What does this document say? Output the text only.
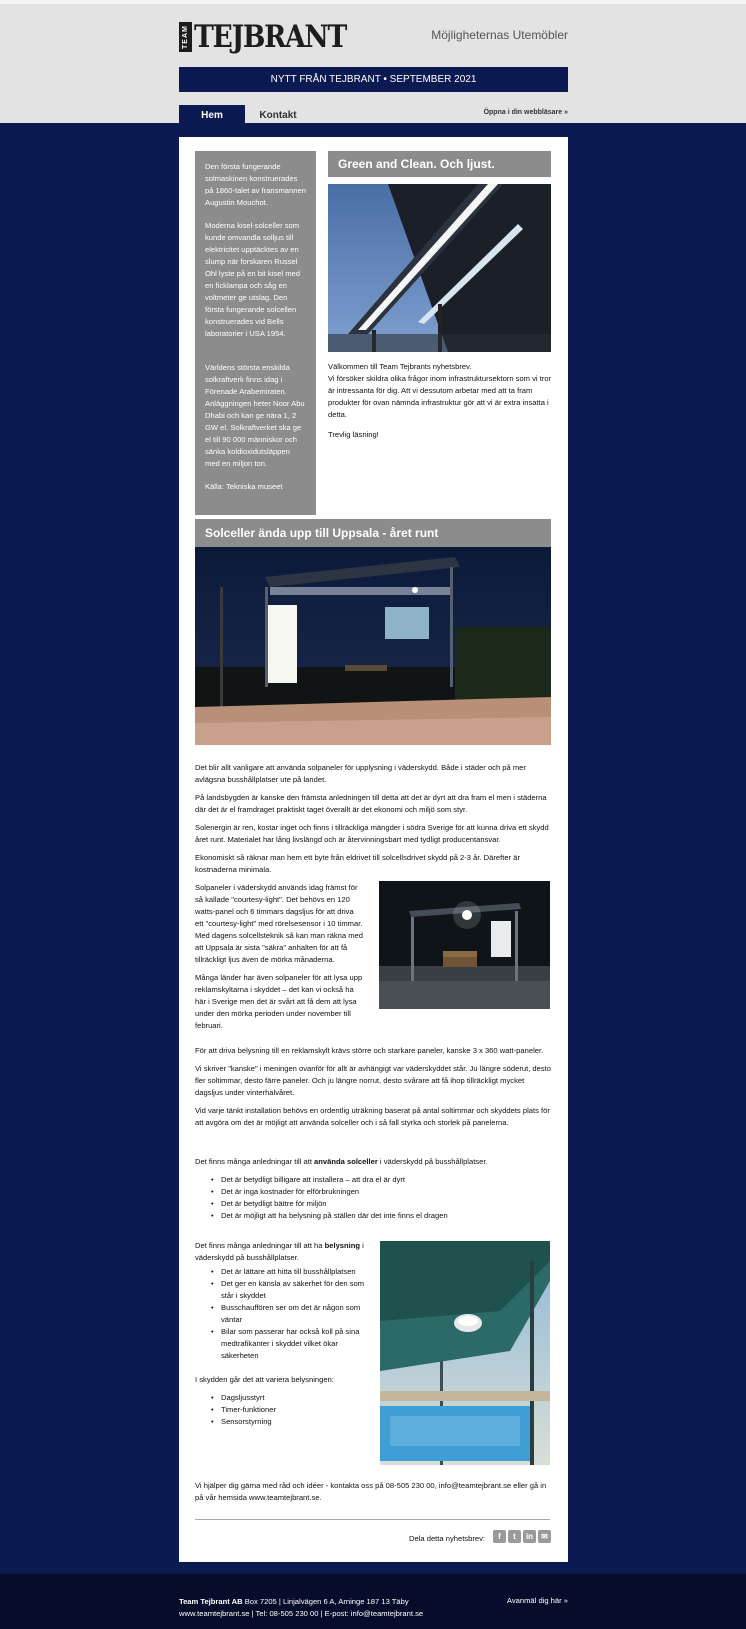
TEAM TEJBRANT	Möjligheternas Utemöbler
NYTT FRÅN TEJBRANT • SEPTEMBER 2021
Hem	Kontakt	Öppna i din webbläsare »

Den första fungerande solmaskinen konstruerades på 1860-talet av fransmannen Augustin Mouchot.

Moderna kisel-solceller som kunde omvandla solljus till elektricitet upptäcktes av en slump när forskaren Russel Ohl lyste på en bit kisel med en ficklampa och såg en voltmeter ge utslag. Den första fungerande solcellen konstruerades vid Bells laboratorier i USA 1954.

Världens största enskilda solkraftverk finns idag i Förenade Arabemiraten. Anläggningen heter Noor Abu Dhabi och kan ge nära 1, 2 GW el. Solkraftverket ska ge el till 90 000 människor och sänka koldioxidutsläppen med en miljon ton.

Källa: Tekniska museet

Green and Clean. Och ljust.

Välkommen till Team Tejbrants nyhetsbrev.
Vi försöker skildra olika frågor inom infrastruktursektorn som vi tror är intressanta för dig. Att vi dessutom arbetar med att ta fram produkter för ovan nämnda infrastruktur gör att vi är extra insatta i detta.

Trevlig läsning!

Solceller ända upp till Uppsala - året runt

Det blir allt vanligare att använda solpaneler för upplysning i väderskydd. Både i städer och på mer avlägsna busshållplatser ute på landet.

På landsbygden är kanske den främsta anledningen till detta att det är dyrt att dra fram el men i städerna där det är el framdraget praktiskt taget överallt är det ekonomi och miljö som styr.

Solenergin är ren, kostar inget och finns i tillräckliga mängder i södra Sverige för att kunna driva ett skydd året runt. Materialet har lång livslängd och är återvinningsbart med tydligt producentansvar.

Ekonomiskt så räknar man hem ett byte från eldrivet till solcellsdrivet skydd på 2-3 år. Därefter är kostnaderna minimala.

Solpaneler i väderskydd används idag främst för så kallade "courtesy-light". Det behövs en 120 watts-panel och 6 timmars dagsljus för att driva ett "courtesy-light" med rörelsesensor i 10 timmar. Med dagens solcellsteknik så kan man räkna med att Uppsala är sista "säkra" anhalten för att få tillräckligt ljus även de mörka månaderna.

Många länder har även solpaneler för att lysa upp reklamskyltarna i skyddet – det kan vi också ha här i Sverige men det är svårt att få dem att lysa under den mörka perioden under november till februari.

För att driva belysning till en reklamskylt krävs större och starkare paneler, kanske 3 x 360 watt-paneler.

Vi skriver "kanske" i meningen ovanför för allt är avhängigt var väderskyddet står. Ju längre söderut, desto fler soltimmar, desto färre paneler. Och ju längre norrut, desto svårare att få ihop tillräckligt mycket dagsljus under vinterhalvåret.

Vid varje tänkt installation behövs en ordentlig uträkning baserat på antal soltimmar och skyddets plats för att avgöra om det är möjligt att använda solceller och i så fall styrka och storlek på panelerna.

Det finns många anledningar till att använda solceller i väderskydd på busshållplatser.

• Det är betydligt billigare att installera – att dra el är dyrt
• Det är inga kostnader för elförbrukningen
• Det är betydligt bättre för miljön
• Det är möjligt att ha belysning på ställen där det inte finns el dragen

Det finns många anledningar till att ha belysning i väderskydd på busshållplatser.

• Det är lättare att hitta till busshållplatsen
• Det ger en känsla av säkerhet för den som står i skyddet
• Busschauffören ser om det är någon som väntar
• Bilar som passerar har också koll på sina medtrafikanter i skyddet vilket ökar säkerheten

I skydden går det att variera belysningen:

• Dagsljusstyrt
• Timer-funktioner
• Sensorstyrning
Vi hjälper dig gärna med råd och idéer - kontakta oss på 08-505 230 00, info@teamtejbrant.se eller gå in på vår hemsida www.teamtejbrant.se.
Dela detta nyhetsbrev:	f	t	in	✉
Team Tejbrant AB Box 7205 | Linjalvägen 6 A, Arninge 187 13 Täby
www.teamtejbrant.se | Tel: 08-505 230 00 | E-post: info@teamtejbrant.se
Avanmäl dig här »
